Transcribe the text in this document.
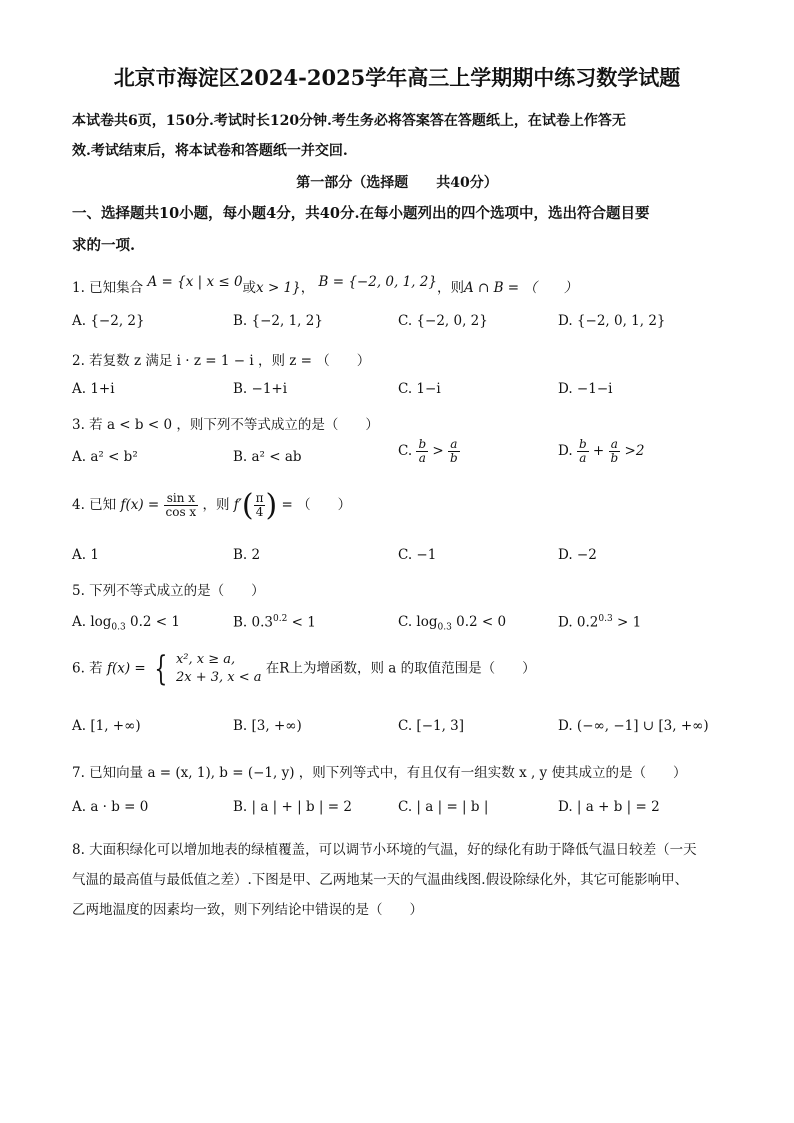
北京市海淀区2024-2025学年高三上学期期中练习数学试题
本试卷共6页，150分.考试时长120分钟.考生务必将答案答在答题纸上，在试卷上作答无
效.考试结束后，将本试卷和答题纸一并交回.
第一部分（选择题　　共40分）
一、选择题共10小题，每小题4分，共40分.在每小题列出的四个选项中，选出符合题目要
求的一项.
1. 已知集合 A = {x | x ≤ 0或x > 1}， B = {−2, 0, 1, 2}，则A ∩ B = （　　）
A. {−2, 2}	B. {−2, 1, 2}	C. {−2, 0, 2}	D. {−2, 0, 1, 2}
2. 若复数 z 满足 i · z = 1 − i ，则 z = （　　）
A. 1+i	B. −1+i	C. 1−i	D. −1−i
3. 若 a < b < 0 ，则下列不等式成立的是（　　）
A. a² < b²	B. a² < ab	C. $\frac{b}{a} > \frac{a}{b}$	D. $\frac{b}{a} + \frac{a}{b} >2$
4. 已知 $f(x) = \frac{\text{sin x}}{\text{cos x}}$ ，则 $f'( \frac{\pi}{4}$ ) = （　　）
A. 1	B. 2	C. −1	D. −2
5. 下列不等式成立的是（　　）
A. $\log_{0.3} 0.2 < 1$	B. $0.3^{0.2} < 1$	C. $\log_{0.3} 0.2 < 0$	D. $0.2^{0.3} > 1$
6. 若 f(x) = { x², x ≥ a,
2x + 3, x < a
在R上为增函数，则 a 的取值范围是（　　）
A. [1, +∞)	B. [3, +∞)	C. [−1, 3]	D. (−∞, −1] ∪ [3, +∞)
7. 已知向量 a = (x, 1), b = (−1, y) ，则下列等式中，有且仅有一组实数 x , y 使其成立的是（　　）
A. a · b = 0	B. | a | + | b | = 2	C. | a | = | b |	D. | a + b | = 2
8. 大面积绿化可以增加地表的绿植覆盖，可以调节小环境的气温，好的绿化有助于降低气温日较差（一天
气温的最高值与最低值之差）.下图是甲、乙两地某一天的气温曲线图.假设除绿化外，其它可能影响甲、
乙两地温度的因素均一致，则下列结论中错误的是（　　）
